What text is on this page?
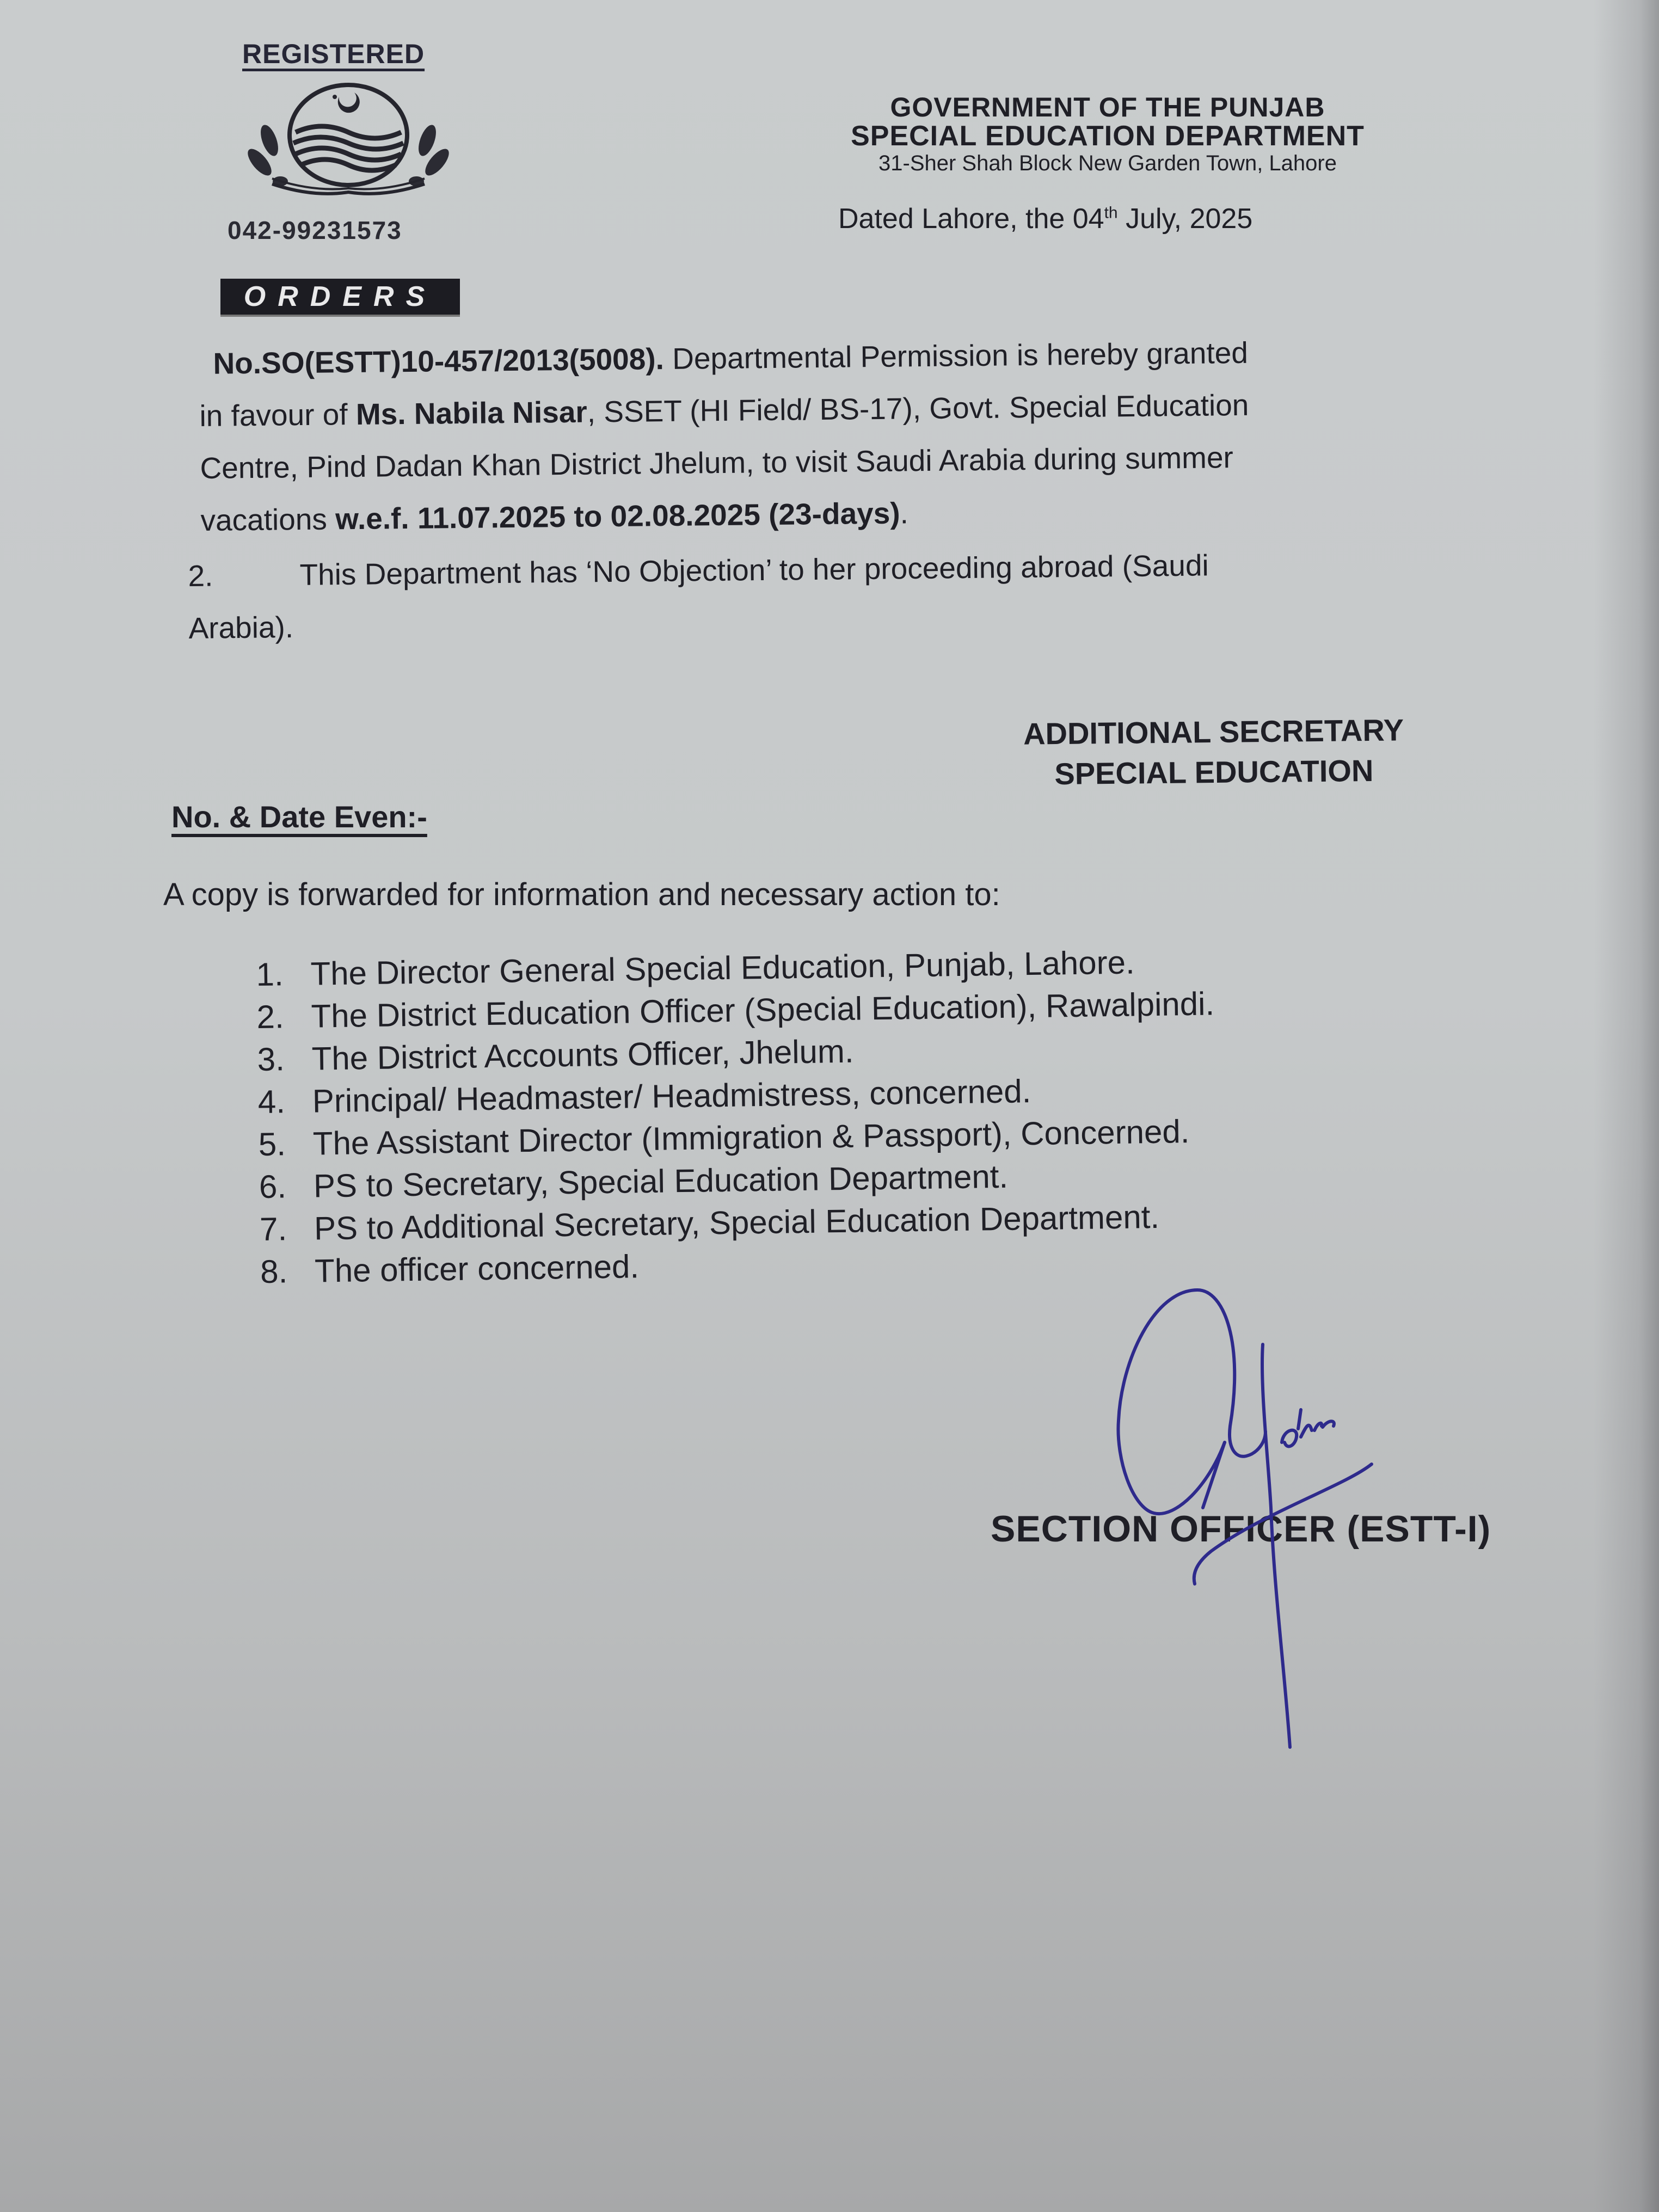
REGISTERED
042-99231573
ORDERS
GOVERNMENT OF THE PUNJAB
SPECIAL EDUCATION DEPARTMENT
31-Sher Shah Block New Garden Town, Lahore
Dated Lahore, the 04th July, 2025
No.SO(ESTT)10-457/2013(5008). Departmental Permission is hereby granted
in favour of Ms. Nabila Nisar, SSET (HI Field/ BS-17), Govt. Special Education
Centre, Pind Dadan Khan District Jhelum, to visit Saudi Arabia during summer
vacations w.e.f. 11.07.2025 to 02.08.2025 (23-days).
2.	This Department has ‘No Objection’ to her proceeding abroad (Saudi
Arabia).
ADDITIONAL SECRETARY
SPECIAL EDUCATION
No. & Date Even:-
A copy is forwarded for information and necessary action to:
1. The Director General Special Education, Punjab, Lahore.
2. The District Education Officer (Special Education), Rawalpindi.
3. The District Accounts Officer, Jhelum.
4. Principal/ Headmaster/ Headmistress, concerned.
5. The Assistant Director (Immigration & Passport), Concerned.
6. PS to Secretary, Special Education Department.
7. PS to Additional Secretary, Special Education Department.
8. The officer concerned.
SECTION OFFICER (ESTT-I)
